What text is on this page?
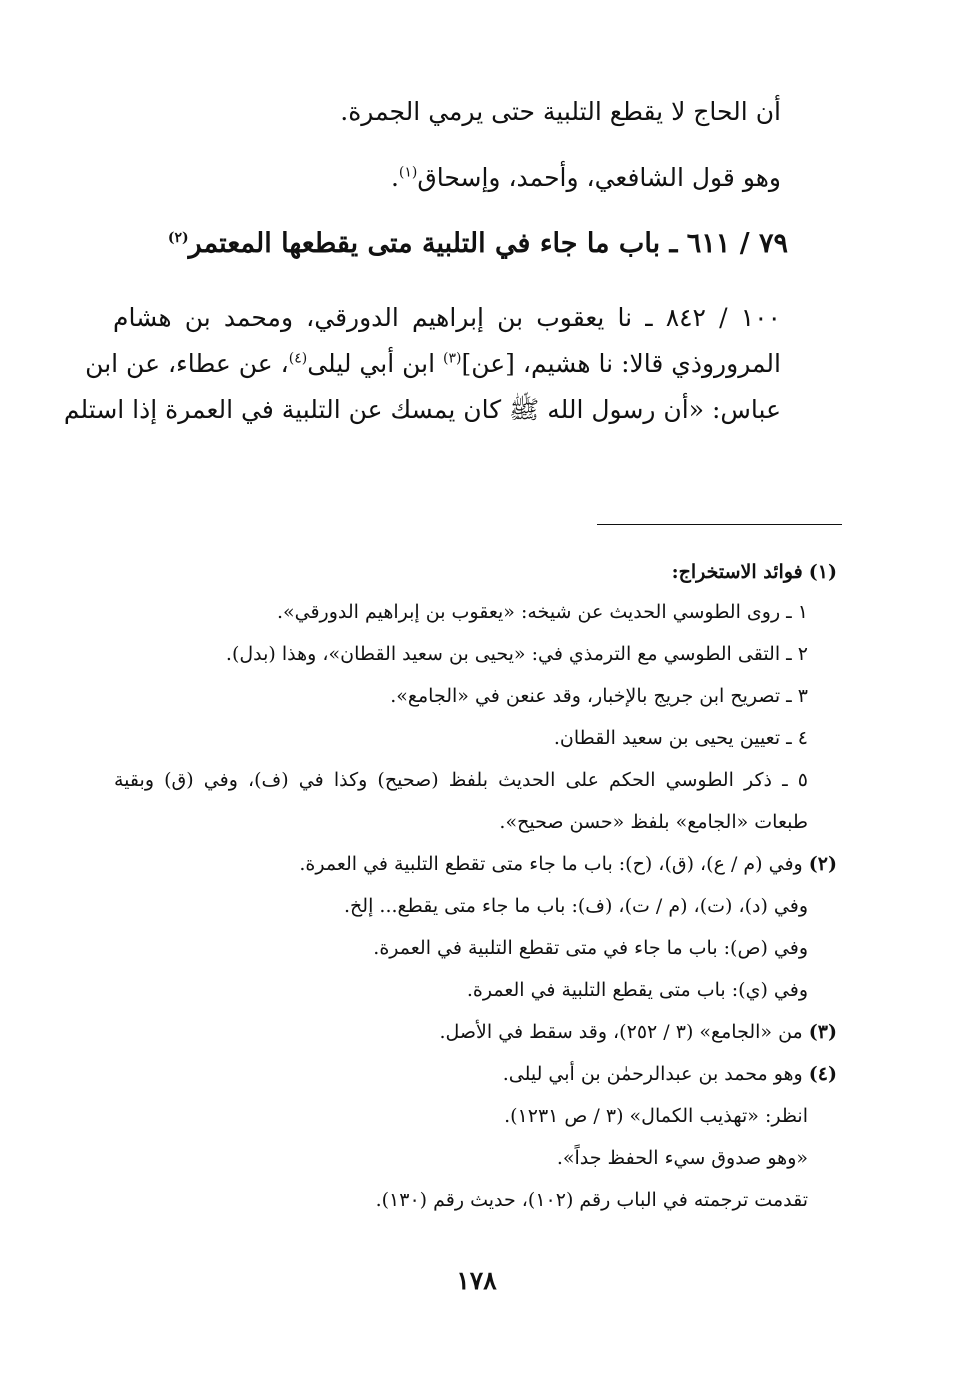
أن الحاج لا يقطع التلبية حتى يرمي الجمرة.
وهو قول الشافعي، وأحمد، وإسحاق$^{(١)}$.
٧٩ / ٦١١ ـ باب ما جاء في التلبية متى يقطعها المعتمر$^{(٢)}$
١٠٠ / ٨٤٢ ـ نا يعقوب بن إبراهيم الدورقي، ومحمد بن هشام
المروروذي قالا: نا هشيم، [عن]$^{(٣)}$ ابن أبي ليلى$^{(٤)}$، عن عطاء، عن ابن
عباس: «أن رسول الله ﷺ كان يمسك عن التلبية في العمرة إذا استلم
(١) فوائد الاستخراج:
١ ـ روى الطوسي الحديث عن شيخه: «يعقوب بن إبراهيم الدورقي».
٢ ـ التقى الطوسي مع الترمذي في: «يحيى بن سعيد القطان»، وهذا (بدل).
٣ ـ تصريح ابن جريج بالإخبار، وقد عنعن في «الجامع».
٤ ـ تعيين يحيى بن سعيد القطان.
٥ ـ ذكر الطوسي الحكم على الحديث بلفظ (صحيح) وكذا في (ف)، وفي (ق) وبقية
طبعات «الجامع» بلفظ «حسن صحيح».
(٢) وفي (م / ع)، (ق)، (ح): باب ما جاء متى تقطع التلبية في العمرة.
وفي (د)، (ت)، (م / ت)، (ف): باب ما جاء متى يقطع... إلخ.
وفي (ص): باب ما جاء في متى تقطع التلبية في العمرة.
وفي (ي): باب متى يقطع التلبية في العمرة.
(٣) من «الجامع» (٣ / ٢٥٢)، وقد سقط في الأصل.
(٤) وهو محمد بن عبدالرحمٰن بن أبي ليلى.
انظر: «تهذيب الكمال» (٣ / ص ١٢٣١).
«وهو صدوق سيء الحفظ جداً».
تقدمت ترجمته في الباب رقم (١٠٢)، حديث رقم (١٣٠).
١٧٨
